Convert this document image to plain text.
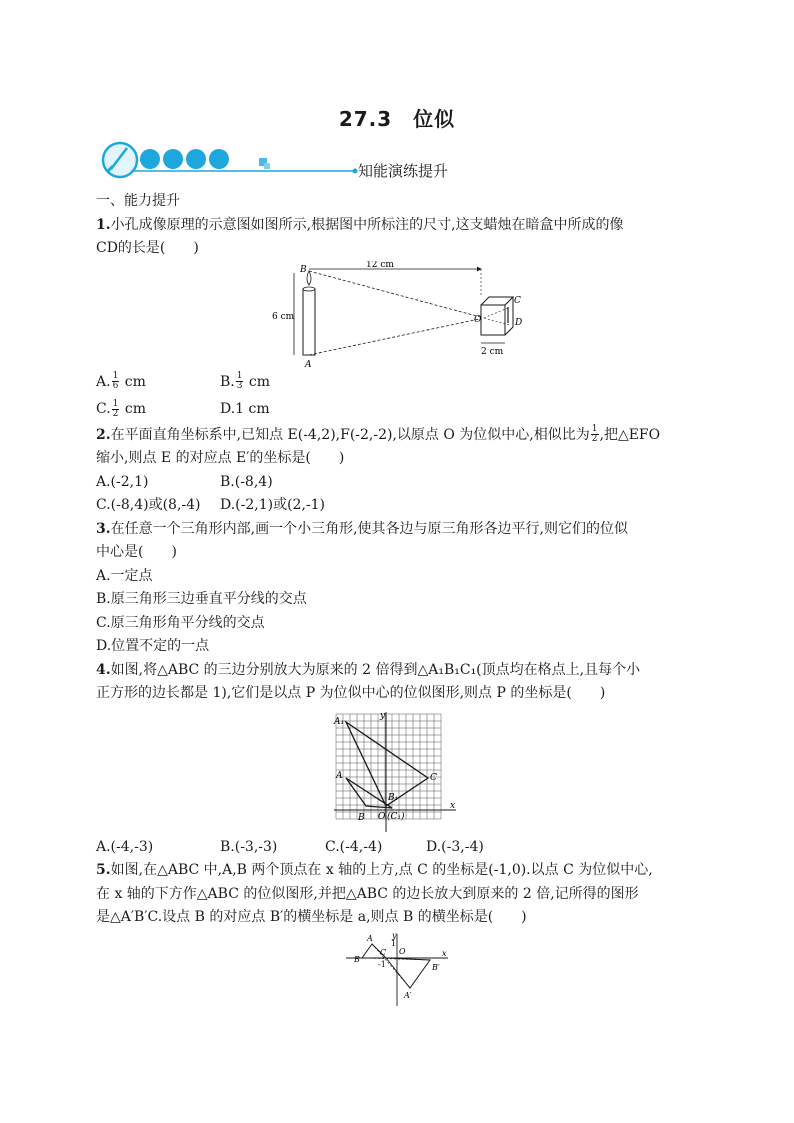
27.3　位似
知能演练提升
一、能力提升
1.小孔成像原理的示意图如图所示,根据图中所标注的尺寸,这支蜡烛在暗盒中所成的像
CD的长是(　　)
6 cm
B
A
12 cm
O
C
D
2 cm
A. $\frac{1}{6}$ cm	B. $\frac{1}{3}$ cm
C. $\frac{1}{2}$ cm	D.1 cm
2.在平面直角坐标系中,已知点 E(-4,2),F(-2,-2),以原点 O 为位似中心,相似比为 $\frac{1}{2}$ ,把△EFO
缩小,则点 E 的对应点 E′的坐标是(　　)
A.(-2,1)	B.(-8,4)
C.(-8,4)或(8,-4)	D.(-2,1)或(2,-1)
3.在任意一个三角形内部,画一个小三角形,使其各边与原三角形各边平行,则它们的位似
中心是(　　)
A.一定点
B.原三角形三边垂直平分线的交点
C.原三角形角平分线的交点
D.位置不定的一点
4.如图,将△ABC 的三边分别放大为原来的 2 倍得到△A₁B₁C₁(顶点均在格点上,且每个小
正方形的边长都是 1),它们是以点 P 为位似中心的位似图形,则点 P 的坐标是(　　)
x
y
A₁
C
A
B₁
B O (C₁)
A.(-4,-3)	B.(-3,-3)	C.(-4,-4)	D.(-3,-4)
5.如图,在△ABC 中,A,B 两个顶点在 x 轴的上方,点 C 的坐标是(-1,0).以点 C 为位似中心,
在 x 轴的下方作△ABC 的位似图形,并把△ABC 的边长放大到原来的 2 倍,记所得的图形
是△A′B′C.设点 B 的对应点 B′的横坐标是 a,则点 B 的横坐标是(　　)
x
y
A
B
C O
1
-1	B′
A′
